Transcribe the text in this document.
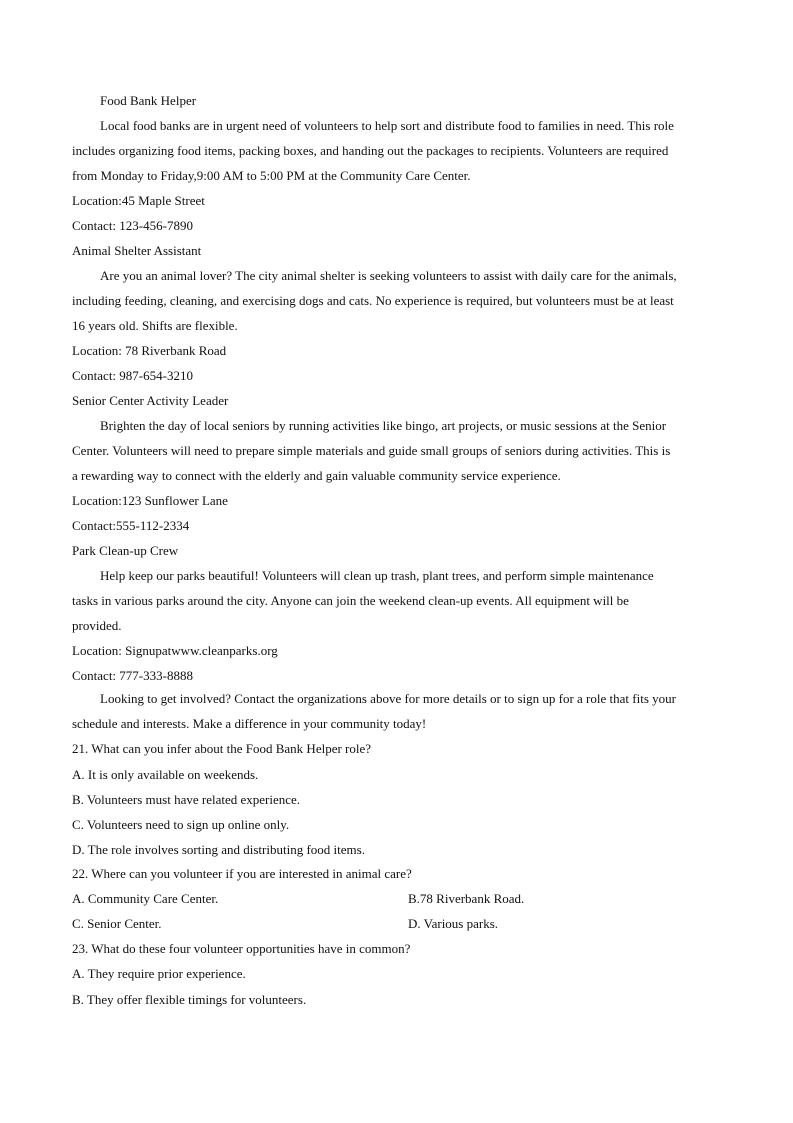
Food Bank Helper
Local food banks are in urgent need of volunteers to help sort and distribute food to families in need. This role
includes organizing food items, packing boxes, and handing out the packages to recipients. Volunteers are required
from Monday to Friday,9:00 AM to 5:00 PM at the Community Care Center.
Location:45 Maple Street
Contact: 123-456-7890
Animal Shelter Assistant
Are you an animal lover? The city animal shelter is seeking volunteers to assist with daily care for the animals,
including feeding, cleaning, and exercising dogs and cats. No experience is required, but volunteers must be at least
16 years old. Shifts are flexible.
Location: 78 Riverbank Road
Contact: 987-654-3210
Senior Center Activity Leader
Brighten the day of local seniors by running activities like bingo, art projects, or music sessions at the Senior
Center. Volunteers will need to prepare simple materials and guide small groups of seniors during activities. This is
a rewarding way to connect with the elderly and gain valuable community service experience.
Location:123 Sunflower Lane
Contact:555-112-2334
Park Clean-up Crew
Help keep our parks beautiful! Volunteers will clean up trash, plant trees, and perform simple maintenance
tasks in various parks around the city. Anyone can join the weekend clean-up events. All equipment will be
provided.
Location: Signupatwww.cleanparks.org
Contact: 777-333-8888
Looking to get involved? Contact the organizations above for more details or to sign up for a role that fits your
schedule and interests. Make a difference in your community today!
21. What can you infer about the Food Bank Helper role?
A. It is only available on weekends.
B. Volunteers must have related experience.
C. Volunteers need to sign up online only.
D. The role involves sorting and distributing food items.
22. Where can you volunteer if you are interested in animal care?
A. Community Care Center.	B.78 Riverbank Road.
C. Senior Center.	D. Various parks.
23. What do these four volunteer opportunities have in common?
A. They require prior experience.
B. They offer flexible timings for volunteers.
